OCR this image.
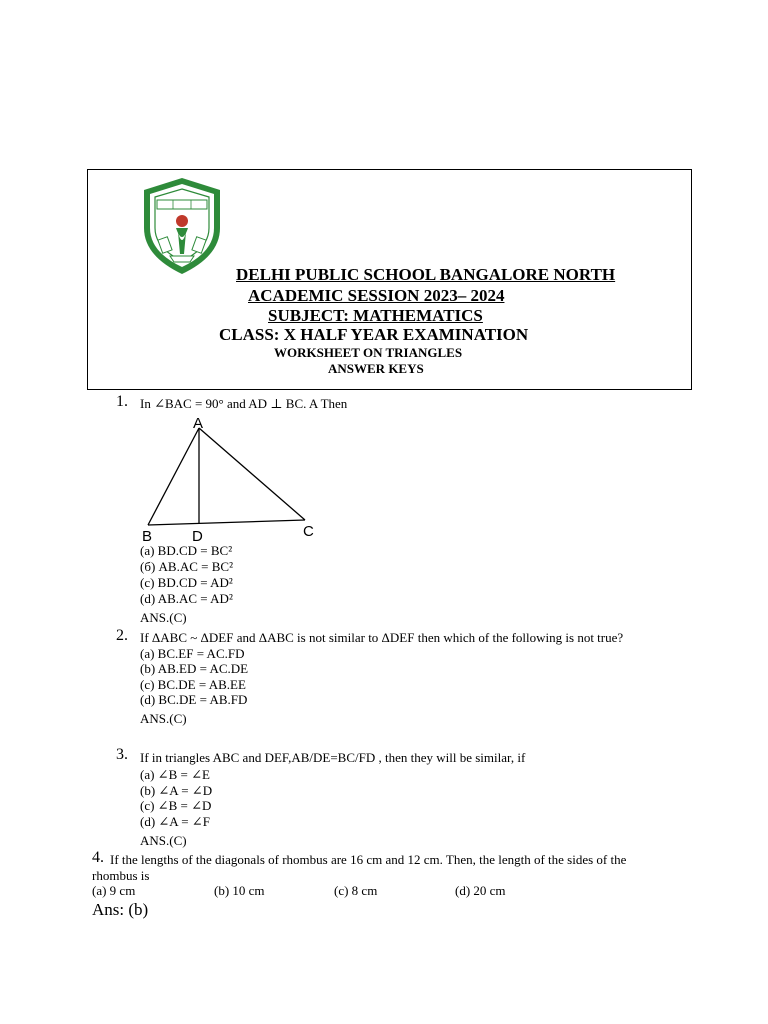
DELHI PUBLIC SCHOOL BANGALORE NORTH
ACADEMIC SESSION 2023– 2024
SUBJECT: MATHEMATICS
CLASS: X HALF YEAR EXAMINATION
WORKSHEET ON TRIANGLES
ANSWER KEYS
1. In ∠BAC = 90° and AD ⊥ BC. A Then
A
B	D	C
(a) BD.CD = BC²
(б) AB.AC = BC²
(c) BD.CD = AD²
(d) AB.AC = AD²
ANS.(C)
2. If ΔABC ~ ΔDEF and ΔABC is not similar to ΔDEF then which of the following is not true?
(a) BC.EF = AC.FD
(b) AB.ED = AC.DE
(c) BC.DE = AB.EE
(d) BC.DE = AB.FD
ANS.(C)
3. If in triangles ABC and DEF,AB/DE=BC/FD , then they will be similar, if
(a) ∠B = ∠E
(b) ∠A = ∠D
(c) ∠B = ∠D
(d) ∠A = ∠F
ANS.(C)
4. If the lengths of the diagonals of rhombus are 16 cm and 12 cm. Then, the length of the sides of the
rhombus is
(a) 9 cm	(b) 10 cm	(c) 8 cm	(d) 20 cm
Ans: (b)
